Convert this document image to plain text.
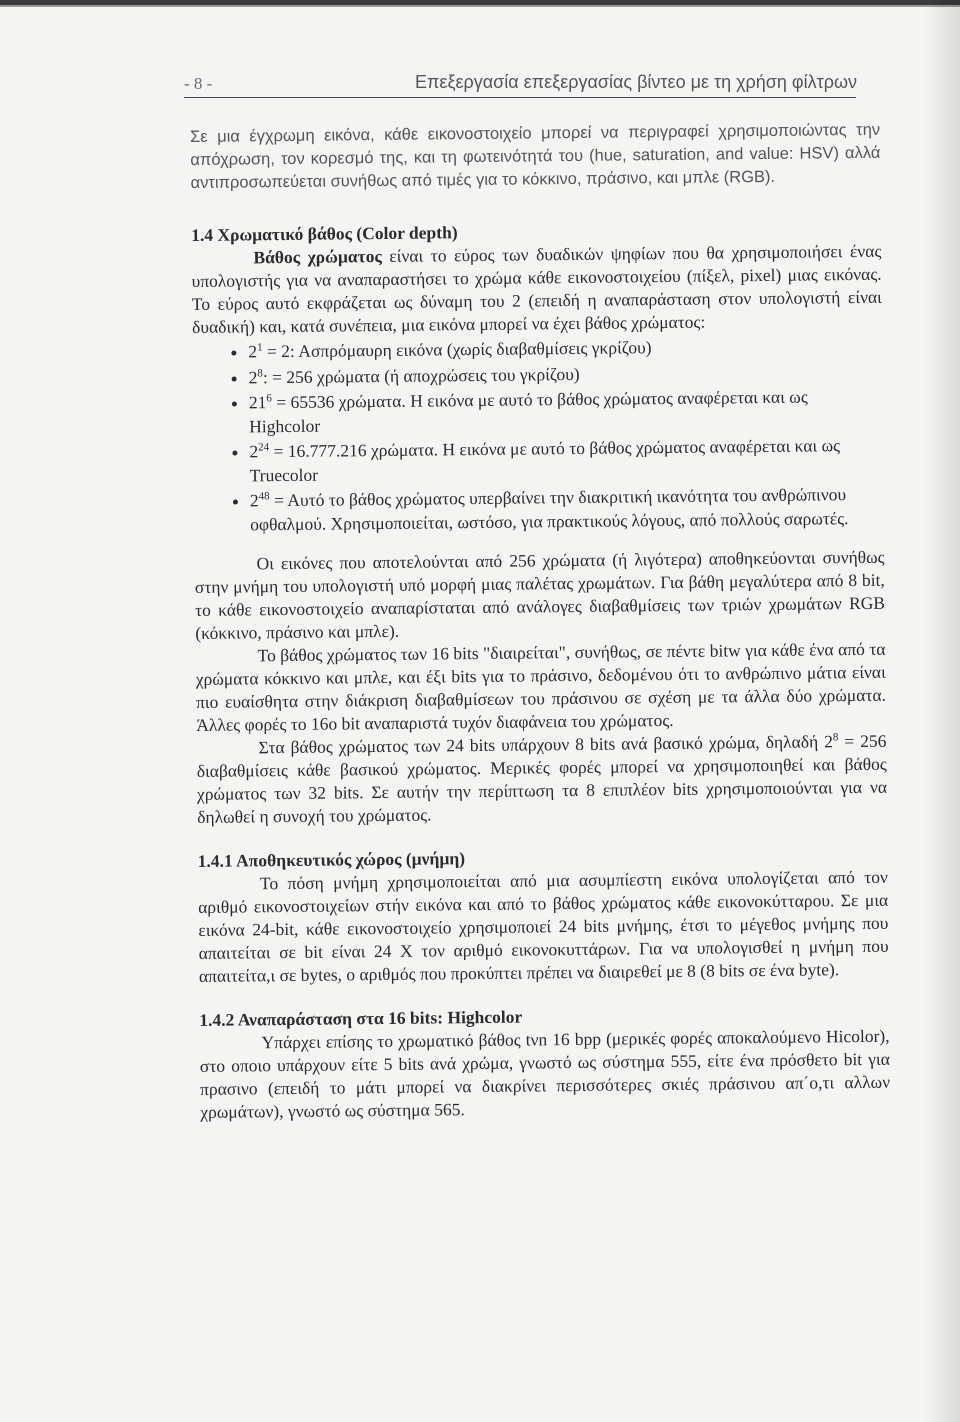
- 8 -	Επεξεργασία επεξεργασίας βίντεο με τη χρήση φίλτρων

Σε μια έγχρωμη εικόνα, κάθε εικονοστοιχείο μπορεί να περιγραφεί χρησιμοποιώντας την απόχρωση, τον κορεσμό της, και τη φωτεινότητά του (hue, saturation, and value: HSV) αλλά αντιπροσωπεύεται συνήθως από τιμές για το κόκκινο, πράσινο, και μπλε (RGB).

1.4 Χρωματικό βάθος (Color depth)

Βάθος χρώματος είναι το εύρος των δυαδικών ψηφίων που θα χρησιμοποιήσει ένας υπολογιστής για να αναπαραστήσει το χρώμα κάθε εικονοστοιχείου (πίξελ, pixel) μιας εικόνας. Το εύρος αυτό εκφράζεται ως δύναμη του 2 (επειδή η αναπαράσταση στον υπολογιστή είναι δυαδική) και, κατά συνέπεια, μια εικόνα μπορεί να έχει βάθος χρώματος:

• $2^1 = 2$: Ασπρόμαυρη εικόνα (χωρίς διαβαθμίσεις γκρίζου)
• $2^8$: = 256 χρώματα (ή αποχρώσεις του γκρίζου)
• $21^6 = 65536$ χρώματα. Η εικόνα με αυτό το βάθος χρώματος αναφέρεται και ως Highcolor
• $2^{24} = 16.777.216$ χρώματα. Η εικόνα με αυτό το βάθος χρώματος αναφέρεται και ως Truecolor
• $2^{48} = A\upsilon\tau ό$ το βάθος χρώματος υπερβαίνει την διακριτική ικανότητα του ανθρώπινου οφθαλμού. Χρησιμοποιείται, ωστόσο, για πρακτικούς λόγους, από πολλούς σαρωτές.

Οι εικόνες που αποτελούνται από 256 χρώματα (ή λιγότερα) αποθηκεύονται συνήθως στην μνήμη του υπολογιστή υπό μορφή μιας παλέτας χρωμάτων. Για βάθη μεγαλύτερα από 8 bit, το κάθε εικονοστοιχείο αναπαρίσταται από ανάλογες διαβαθμίσεις των τριών χρωμάτων RGB (κόκκινο, πράσινο και μπλε).

Το βάθος χρώματος των 16 bits "διαιρείται", συνήθως, σε πέντε bitw για κάθε ένα από τα χρώματα κόκκινο και μπλε, και έξι bits για το πράσινο, δεδομένου ότι το ανθρώπινο μάτια είναι πιο ευαίσθητα στην διάκριση διαβαθμίσεων του πράσινου σε σχέση με τα άλλα δύο χρώματα. Άλλες φορές το 16ο bit αναπαριστά τυχόν διαφάνεια του χρώματος.

Στα βάθος χρώματος των 24 bits υπάρχουν 8 bits ανά βασικό χρώμα, δηλαδή $2^8 = 256$ διαβαθμίσεις κάθε βασικού χρώματος. Μερικές φορές μπορεί να χρησιμοποιηθεί και βάθος χρώματος των 32 bits. Σε αυτήν την περίπτωση τα 8 επιπλέον bits χρησιμοποιούνται για να δηλωθεί η συνοχή του χρώματος.

1.4.1 Αποθηκευτικός χώρος (μνήμη)

Το πόση μνήμη χρησιμοποιείται από μια ασυμπίεστη εικόνα υπολογίζεται από τον αριθμό εικονοστοιχείων στήν εικόνα και από το βάθος χρώματος κάθε εικονοκύτταρου. Σε μια εικόνα 24-bit, κάθε εικονοστοιχείο χρησιμοποιεί 24 bits μνήμης, έτσι το μέγεθος μνήμης που απαιτείται σε bit είναι 24 Χ τον αριθμό εικονοκυττάρων. Για να υπολογισθεί η μνήμη που απαιτείτα,ι σε bytes, ο αριθμός που προκύπτει πρέπει να διαιρεθεί με 8 (8 bits σε ένα byte).

1.4.2 Αναπαράσταση στα 16 bits: Highcolor

Υπάρχει επίσης το χρωματικό βάθος tνn 16 bpp (μερικές φορές αποκαλούμενο Hicolor), στο οποιο υπάρχουν είτε 5 bits ανά χρώμα, γνωστό ως σύστημα 555, είτε ένα πρόσθετο bit για πρασινο (επειδή το μάτι μπορεί να διακρίνει περισσότερες σκιές πράσινου απ΄ο,τι αλλων χρωμάτων), γνωστό ως σύστημα 565.
